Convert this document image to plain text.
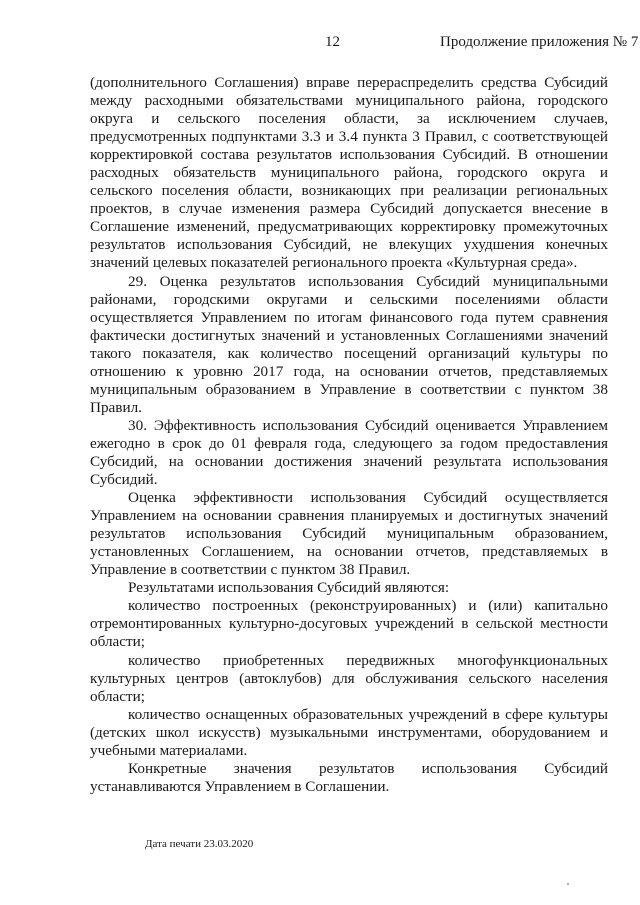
12	Продолжение приложения № 7

(дополнительного Соглашения) вправе перераспределить средства Субсидий между расходными обязательствами муниципального района, городского округа и сельского поселения области, за исключением случаев, предусмотренных подпунктами 3.3 и 3.4 пункта 3 Правил, с соответствующей корректировкой состава результатов использования Субсидий. В отношении расходных обязательств муниципального района, городского округа и сельского поселения области, возникающих при реализации региональных проектов, в случае изменения размера Субсидий допускается внесение в Соглашение изменений, предусматривающих корректировку промежуточных результатов использования Субсидий, не влекущих ухудшения конечных значений целевых показателей регионального проекта «Культурная среда».

29. Оценка результатов использования Субсидий муниципальными районами, городскими округами и сельскими поселениями области осуществляется Управлением по итогам финансового года путем сравнения фактически достигнутых значений и установленных Соглашениями значений такого показателя, как количество посещений организаций культуры по отношению к уровню 2017 года, на основании отчетов, представляемых муниципальным образованием в Управление в соответствии с пунктом 38 Правил.

30. Эффективность использования Субсидий оценивается Управлением ежегодно в срок до 01 февраля года, следующего за годом предоставления Субсидий, на основании достижения значений результата использования Субсидий.

Оценка эффективности использования Субсидий осуществляется Управлением на основании сравнения планируемых и достигнутых значений результатов использования Субсидий муниципальным образованием, установленных Соглашением, на основании отчетов, представляемых в Управление в соответствии с пунктом 38 Правил.

Результатами использования Субсидий являются:

количество построенных (реконструированных) и (или) капитально отремонтированных культурно-досуговых учреждений в сельской местности области;

количество приобретенных передвижных многофункциональных культурных центров (автоклубов) для обслуживания сельского населения области;

количество оснащенных образовательных учреждений в сфере культуры (детских школ искусств) музыкальными инструментами, оборудованием и учебными материалами.

Конкретные значения результатов использования Субсидий устанавливаются Управлением в Соглашении.

Дата печати 23.03.2020
